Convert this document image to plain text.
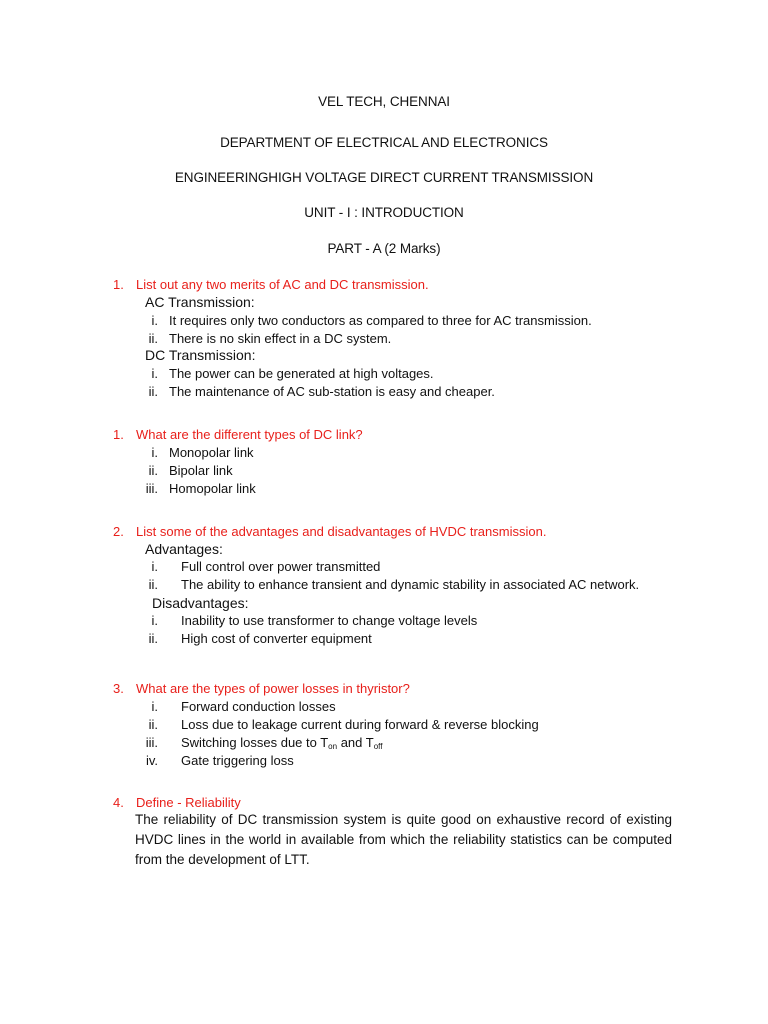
VEL TECH, CHENNAI
DEPARTMENT OF ELECTRICAL AND ELECTRONICS
ENGINEERINGHIGH VOLTAGE DIRECT CURRENT TRANSMISSION
UNIT - I : INTRODUCTION
PART - A (2 Marks)
1. List out any two merits of AC and DC transmission.
AC Transmission:
i. It requires only two conductors as compared to three for AC transmission.
ii. There is no skin effect in a DC system.
DC Transmission:
i. The power can be generated at high voltages.
ii. The maintenance of AC sub-station is easy and cheaper.
1. What are the different types of DC link?
i. Monopolar link
ii. Bipolar link
iii. Homopolar link
2. List some of the advantages and disadvantages of HVDC transmission.
Advantages:
i. Full control over power transmitted
ii. The ability to enhance transient and dynamic stability in associated AC network.
Disadvantages:
i. Inability to use transformer to change voltage levels
ii. High cost of converter equipment
3. What are the types of power losses in thyristor?
i. Forward conduction losses
ii. Loss due to leakage current during forward & reverse blocking
iii. Switching losses due to $T_{on}$ and $T_{off}$
iv. Gate triggering loss
4. Define - Reliability
The reliability of DC transmission system is quite good on exhaustive record of existing HVDC lines in the world in available from which the reliability statistics can be computed from the development of LTT.
